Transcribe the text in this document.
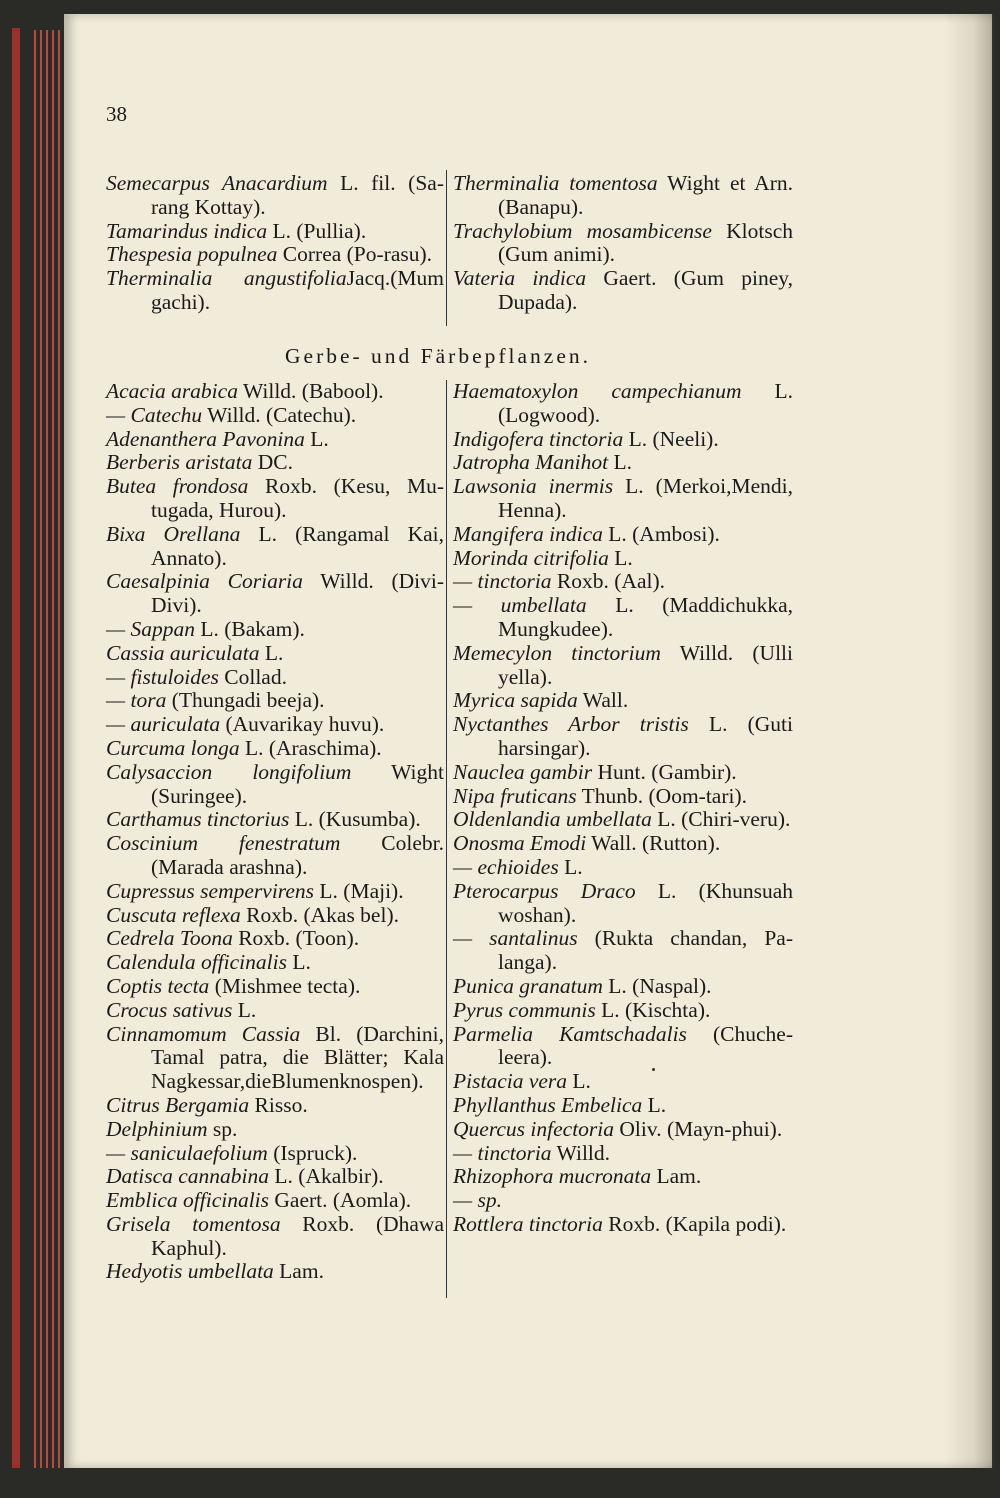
38
Semecarpus Anacardium L. fil. (Sa-rang Kottay).
Tamarindus indica L. (Pullia).
Thespesia populnea Correa (Po-rasu).
Therminalia angustifoliaJacq.(Mum gachi).
Therminalia tomentosa Wight et Arn. (Banapu).
Trachylobium mosambicense Klotsch (Gum animi).
Vateria indica Gaert. (Gum piney, Dupada).
Gerbe- und Färbepflanzen.
Acacia arabica Willd. (Babool).
— Catechu Willd. (Catechu).
Adenanthera Pavonina L.
Berberis aristata DC.
Butea frondosa Roxb. (Kesu, Mu-tugada, Hurou).
Bixa Orellana L. (Rangamal Kai, Annato).
Caesalpinia Coriaria Willd. (Divi-Divi).
— Sappan L. (Bakam).
Cassia auriculata L.
— fistuloides Collad.
— tora (Thungadi beeja).
— auriculata (Auvarikay huvu).
Curcuma longa L. (Araschima).
Calysaccion longifolium Wight (Suringee).
Carthamus tinctorius L. (Kusumba).
Coscinium fenestratum Colebr. (Marada arashna).
Cupressus sempervirens L. (Maji).
Cuscuta reflexa Roxb. (Akas bel).
Cedrela Toona Roxb. (Toon).
Calendula officinalis L.
Coptis tecta (Mishmee tecta).
Crocus sativus L.
Cinnamomum Cassia Bl. (Darchini, Tamal patra, die Blätter; Kala Nagkessar,dieBlumenknospen).
Citrus Bergamia Risso.
Delphinium sp.
— saniculaefolium (Ispruck).
Datisca cannabina L. (Akalbir).
Emblica officinalis Gaert. (Aomla).
Grisela tomentosa Roxb. (Dhawa Kaphul).
Hedyotis umbellata Lam.
Haematoxylon campechianum L. (Logwood).
Indigofera tinctoria L. (Neeli).
Jatropha Manihot L.
Lawsonia inermis L. (Merkoi,Mendi, Henna).
Mangifera indica L. (Ambosi).
Morinda citrifolia L.
— tinctoria Roxb. (Aal).
— umbellata L. (Maddichukka, Mungkudee).
Memecylon tinctorium Willd. (Ulli yella).
Myrica sapida Wall.
Nyctanthes Arbor tristis L. (Guti harsingar).
Nauclea gambir Hunt. (Gambir).
Nipa fruticans Thunb. (Oom-tari).
Oldenlandia umbellata L. (Chiri-veru).
Onosma Emodi Wall. (Rutton).
— echioides L.
Pterocarpus Draco L. (Khunsuah woshan).
— santalinus (Rukta chandan, Pa-langa).
Punica granatum L. (Naspal).
Pyrus communis L. (Kischta).
Parmelia Kamtschadalis (Chuche-leera).
Pistacia vera L.
Phyllanthus Embelica L.
Quercus infectoria Oliv. (Mayn-phui).
— tinctoria Willd.
Rhizophora mucronata Lam.
— sp.
Rottlera tinctoria Roxb. (Kapila podi).
